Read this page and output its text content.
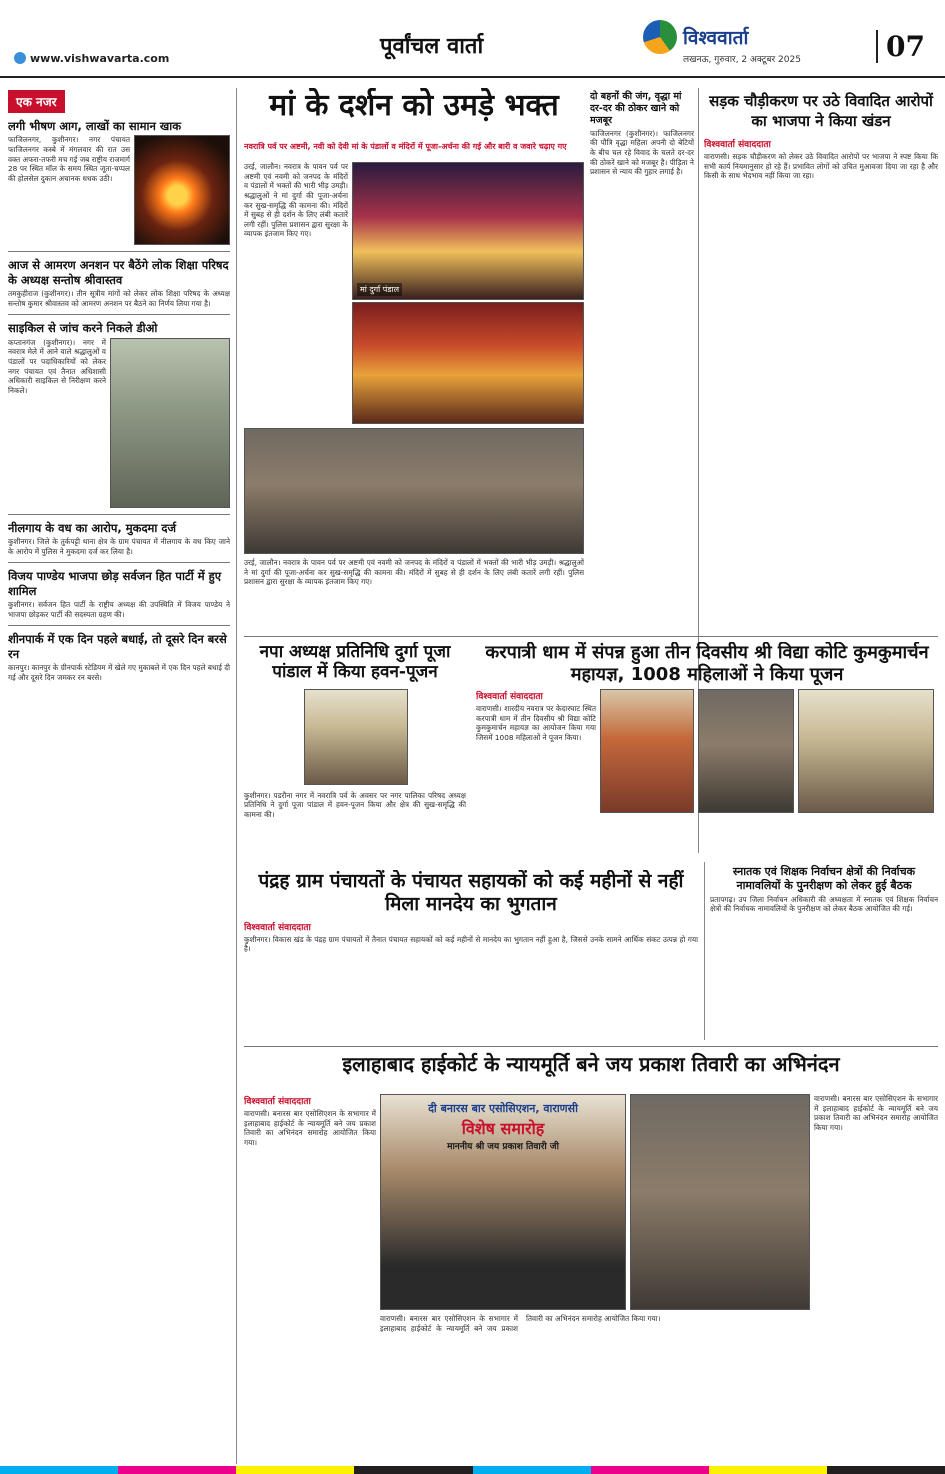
www.vishwavarta.com	पूर्वांचल वार्ता	विश्ववार्ता
लखनऊ, गुरुवार, 2 अक्टूबर 2025	07
एक नजर
लगी भीषण आग, लाखों का सामान खाक
फाजिलनगर, कुशीनगर। नगर पंचायत फाजिलनगर कस्बे में मंगलवार की रात उस वक्त अफरा-तफरी मच गई जब राष्ट्रीय राजमार्ग 28 पर स्थित मॉल के समय स्थित जूता-चप्पल की होलसेल दुकान अचानक धधक उठी।
आज से आमरण अनशन पर बैठेंगे लोक शिक्षा परिषद के अध्यक्ष सन्तोष श्रीवास्तव
तमकुहीराज (कुशीनगर)। तीन सूत्रीय मांगों को लेकर लोक शिक्षा परिषद के अध्यक्ष सन्तोष कुमार श्रीवास्तव को आमरण अनशन पर बैठने का निर्णय लिया गया है।
साइकिल से जांच करने निकले डीओ
कप्तानगंज (कुशीनगर)। नगर में नवरात्र मेले में आने वाले श्रद्धालुओं व पंडालों पर पदाधिकारियों को लेकर नगर पंचायत एवं तैनात अधिशासी अधिकारी साइकिल से निरीक्षण करने निकले।
नीलगाय के वध का आरोप, मुकदमा दर्ज
कुशीनगर। जिले के तुर्कपट्टी थाना क्षेत्र के ग्राम पंचायत में नीलगाय के वध किए जाने के आरोप में पुलिस ने मुकदमा दर्ज कर लिया है।
विजय पाण्डेय भाजपा छोड़ सर्वजन हित पार्टी में हुए शामिल
कुशीनगर। सर्वजन हित पार्टी के राष्ट्रीय अध्यक्ष की उपस्थिति में विजय पाण्डेय ने भाजपा छोड़कर पार्टी की सदस्यता ग्रहण की।
शीनपार्क में एक दिन पहले बधाई, तो दूसरे दिन बरसे रन
कानपुर। कानपुर के ग्रीनपार्क स्टेडियम में खेले गए मुकाबले में एक दिन पहले बधाई दी गई और दूसरे दिन जमकर रन बरसे।
मां के दर्शन को उमड़े भक्त
नवरात्रि पर्व पर अष्टमी, नवी को देवी मां के पंडालों व मंदिरों में पूजा-अर्चना की गई और बारी व जवारे चढ़ाए गए
उरई, जालौन। नवरात्र के पावन पर्व पर अष्टमी एवं नवमी को जनपद के मंदिरों व पंडालों में भक्तों की भारी भीड़ उमड़ी। श्रद्धालुओं ने मां दुर्गा की पूजा-अर्चना कर सुख-समृद्धि की कामना की। मंदिरों में सुबह से ही दर्शन के लिए लंबी कतारें लगी रहीं। पुलिस प्रशासन द्वारा सुरक्षा के व्यापक इंतजाम किए गए।
मां दुर्गा पंडाल
उरई, जालौन। नवरात्र के पावन पर्व पर अष्टमी एवं नवमी को जनपद के मंदिरों व पंडालों में भक्तों की भारी भीड़ उमड़ी। श्रद्धालुओं ने मां दुर्गा की पूजा-अर्चना कर सुख-समृद्धि की कामना की। मंदिरों में सुबह से ही दर्शन के लिए लंबी कतारें लगी रहीं। पुलिस प्रशासन द्वारा सुरक्षा के व्यापक इंतजाम किए गए।
दो बहनों की जंग, वृद्धा मां दर-दर की ठोकर खाने को मजबूर
फाजिलनगर (कुशीनगर)। फाजिलनगर की पौत्रि वृद्धा महिला अपनी दो बेटियों के बीच चल रहे विवाद के चलते दर-दर की ठोकरें खाने को मजबूर है। पीड़िता ने प्रशासन से न्याय की गुहार लगाई है।
सड़क चौड़ीकरण पर उठे विवादित आरोपों का भाजपा ने किया खंडन
विश्ववार्ता संवाददाता
वाराणसी। सड़क चौड़ीकरण को लेकर उठे विवादित आरोपों पर भाजपा ने स्पष्ट किया कि सभी कार्य नियमानुसार हो रहे हैं। प्रभावित लोगों को उचित मुआवजा दिया जा रहा है और किसी के साथ भेदभाव नहीं किया जा रहा।
नपा अध्यक्ष प्रतिनिधि दुर्गा पूजा पांडाल में किया हवन-पूजन
कुशीनगर। पडरौना नगर में नवरात्रि पर्व के अवसर पर नगर पालिका परिषद अध्यक्ष प्रतिनिधि ने दुर्गा पूजा पांडाल में हवन-पूजन किया और क्षेत्र की सुख-समृद्धि की कामना की।
करपात्री धाम में संपन्न हुआ तीन दिवसीय श्री विद्या कोटि कुमकुमार्चन महायज्ञ, 1008 महिलाओं ने किया पूजन
विश्ववार्ता संवाददाता
वाराणसी। शारदीय नवरात्र पर केदारघाट स्थित करपात्री धाम में तीन दिवसीय श्री विद्या कोटि कुमकुमार्चन महायज्ञ का आयोजन किया गया जिसमें 1008 महिलाओं ने पूजन किया।
पंद्रह ग्राम पंचायतों के पंचायत सहायकों को कई महीनों से नहीं मिला मानदेय का भुगतान
विश्ववार्ता संवाददाता
कुशीनगर। विकास खंड के पंद्रह ग्राम पंचायतों में तैनात पंचायत सहायकों को कई महीनों से मानदेय का भुगतान नहीं हुआ है, जिससे उनके सामने आर्थिक संकट उत्पन्न हो गया है।
स्नातक एवं शिक्षक निर्वाचन क्षेत्रों की निर्वाचक नामावलियों के पुनरीक्षण को लेकर हुई बैठक
प्रतापगढ़। उप जिला निर्वाचन अधिकारी की अध्यक्षता में स्नातक एवं शिक्षक निर्वाचन क्षेत्रों की निर्वाचक नामावलियों के पुनरीक्षण को लेकर बैठक आयोजित की गई।
इलाहाबाद हाईकोर्ट के न्यायमूर्ति बने जय प्रकाश तिवारी का अभिनंदन
विश्ववार्ता संवाददाता
वाराणसी। बनारस बार एसोसिएशन के सभागार में इलाहाबाद हाईकोर्ट के न्यायमूर्ति बने जय प्रकाश तिवारी का अभिनंदन समारोह आयोजित किया गया।
दी बनारस बार एसोसिएशन, वाराणसी
विशेष समारोह
माननीय श्री जय प्रकाश तिवारी जी
वाराणसी। बनारस बार एसोसिएशन के सभागार में इलाहाबाद हाईकोर्ट के न्यायमूर्ति बने जय प्रकाश तिवारी का अभिनंदन समारोह आयोजित किया गया।
वाराणसी। बनारस बार एसोसिएशन के सभागार में इलाहाबाद हाईकोर्ट के न्यायमूर्ति बने जय प्रकाश तिवारी का अभिनंदन समारोह आयोजित किया गया।
